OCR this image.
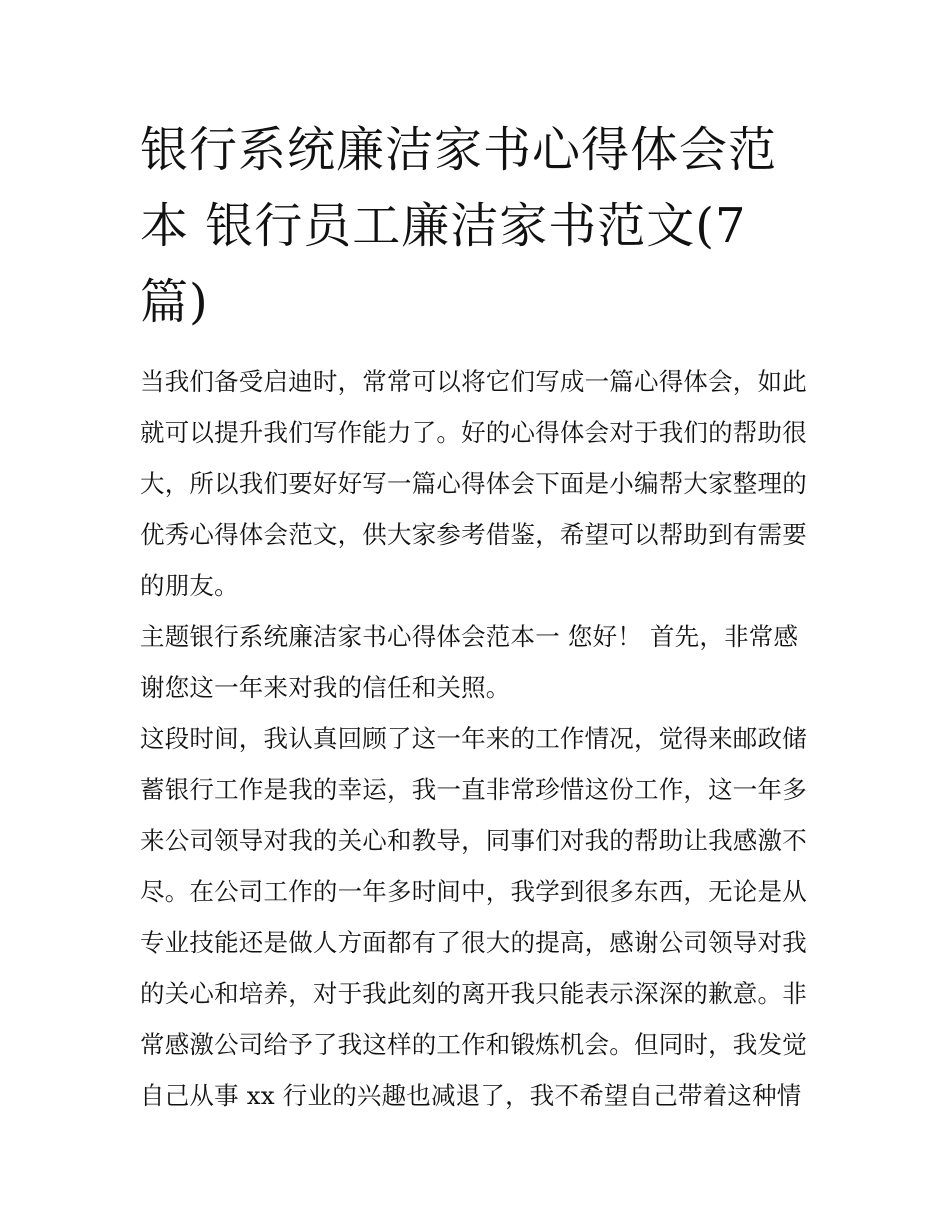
银行系统廉洁家书心得体会范
本 银行员工廉洁家书范文(7
篇)
当我们备受启迪时，常常可以将它们写成一篇心得体会，如此
就可以提升我们写作能力了。好的心得体会对于我们的帮助很
大，所以我们要好好写一篇心得体会下面是小编帮大家整理的
优秀心得体会范文，供大家参考借鉴，希望可以帮助到有需要
的朋友。
主题银行系统廉洁家书心得体会范本一 您好！ 首先，非常感
谢您这一年来对我的信任和关照。
这段时间，我认真回顾了这一年来的工作情况，觉得来邮政储
蓄银行工作是我的幸运，我一直非常珍惜这份工作，这一年多
来公司领导对我的关心和教导，同事们对我的帮助让我感激不
尽。在公司工作的一年多时间中，我学到很多东西，无论是从
专业技能还是做人方面都有了很大的提高，感谢公司领导对我
的关心和培养，对于我此刻的离开我只能表示深深的歉意。非
常感激公司给予了我这样的工作和锻炼机会。但同时，我发觉
自己从事 xx 行业的兴趣也减退了，我不希望自己带着这种情
